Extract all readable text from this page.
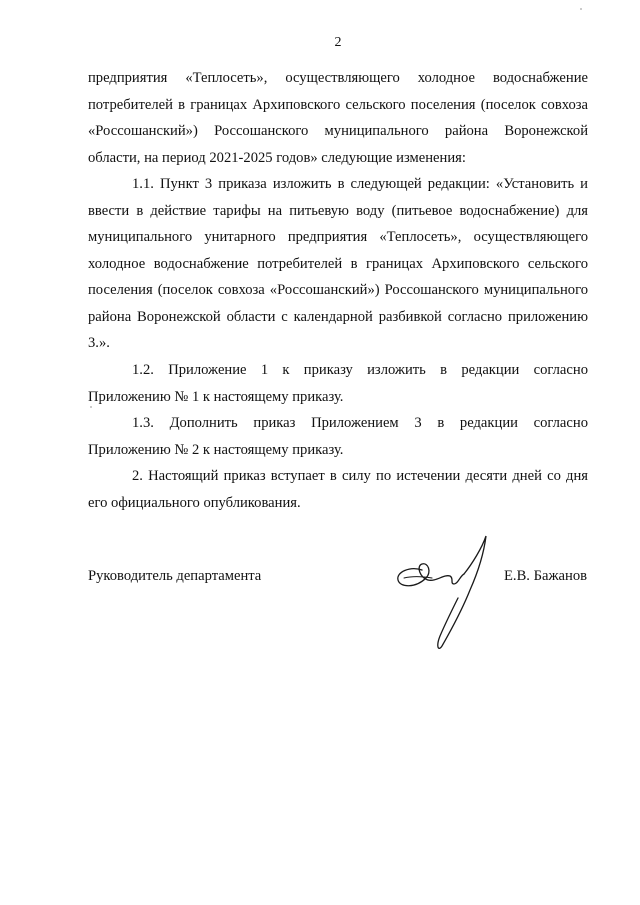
2

предприятия «Теплосеть», осуществляющего холодное водоснабжение потребителей в границах Архиповского сельского поселения (поселок совхоза «Россошанский») Россошанского муниципального района Воронежской области, на период 2021-2025 годов» следующие изменения:

1.1. Пункт 3 приказа изложить в следующей редакции: «Установить и ввести в действие тарифы на питьевую воду (питьевое водоснабжение) для муниципального унитарного предприятия «Теплосеть», осуществляющего холодное водоснабжение потребителей в границах Архиповского сельского поселения (поселок совхоза «Россошанский») Россошанского муниципального района Воронежской области с календарной разбивкой согласно приложению 3.».

1.2. Приложение 1 к приказу изложить в редакции согласно Приложению № 1 к настоящему приказу.

1.3. Дополнить приказ Приложением 3 в редакции согласно Приложению № 2 к настоящему приказу.

2. Настоящий приказ вступает в силу по истечении десяти дней со дня его официального опубликования.

Руководитель департамента	Е.В. Бажанов
